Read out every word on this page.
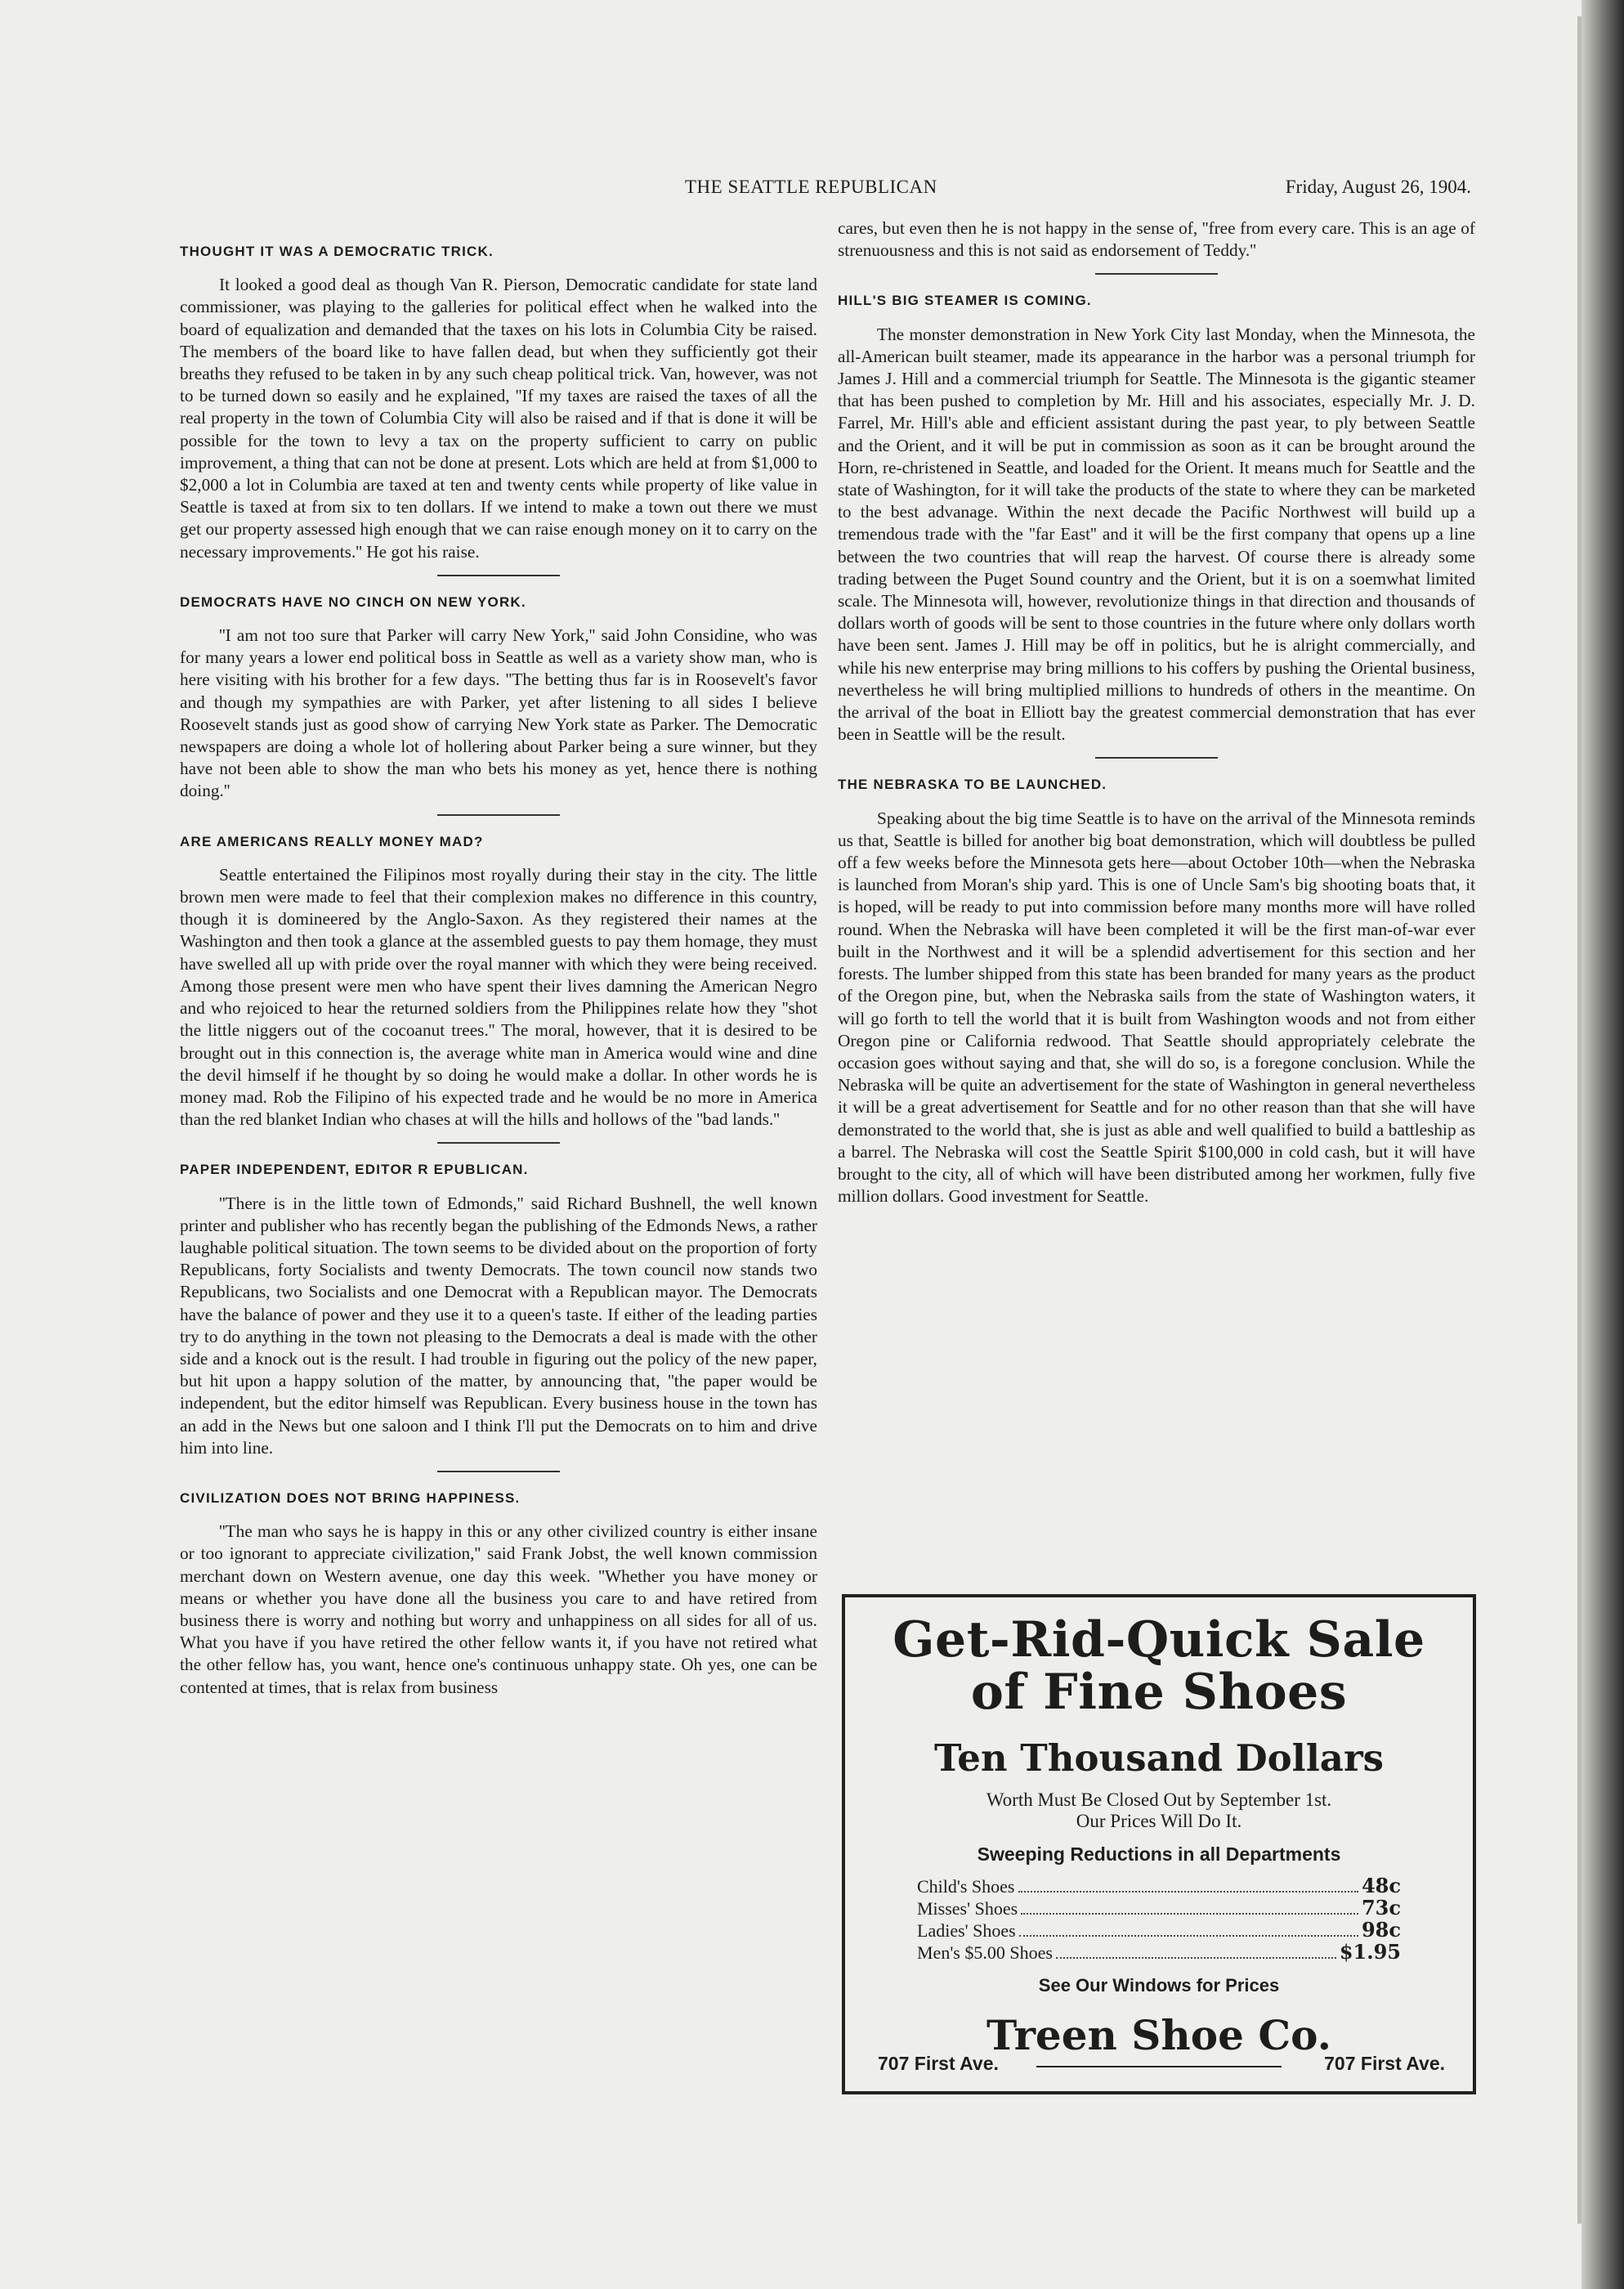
THE SEATTLE REPUBLICAN	Friday, August 26, 1904.
THOUGHT IT WAS A DEMOCRATIC TRICK.

It looked a good deal as though Van R. Pierson, Democratic candidate for state land commissioner, was playing to the galleries for political effect when he walked into the board of equalization and demanded that the taxes on his lots in Columbia City be raised. The members of the board like to have fallen dead, but when they sufficiently got their breaths they refused to be taken in by any such cheap political trick. Van, however, was not to be turned down so easily and he explained, ''If my taxes are raised the taxes of all the real property in the town of Columbia City will also be raised and if that is done it will be possible for the town to levy a tax on the property sufficient to carry on public improvement, a thing that can not be done at present. Lots which are held at from $1,000 to $2,000 a lot in Columbia are taxed at ten and twenty cents while property of like value in Seattle is taxed at from six to ten dollars. If we intend to make a town out there we must get our property assessed high enough that we can raise enough money on it to carry on the necessary improvements.'' He got his raise.

DEMOCRATS HAVE NO CINCH ON NEW YORK.

''I am not too sure that Parker will carry New York,'' said John Considine, who was for many years a lower end political boss in Seattle as well as a variety show man, who is here visiting with his brother for a few days. ''The betting thus far is in Roosevelt's favor and though my sympathies are with Parker, yet after listening to all sides I believe Roosevelt stands just as good show of carrying New York state as Parker. The Democratic newspapers are doing a whole lot of hollering about Parker being a sure winner, but they have not been able to show the man who bets his money as yet, hence there is nothing doing.''

ARE AMERICANS REALLY MONEY MAD?

Seattle entertained the Filipinos most royally during their stay in the city. The little brown men were made to feel that their complexion makes no difference in this country, though it is domineered by the Anglo-Saxon. As they registered their names at the Washington and then took a glance at the assembled guests to pay them homage, they must have swelled all up with pride over the royal manner with which they were being received. Among those present were men who have spent their lives damning the American Negro and who rejoiced to hear the returned soldiers from the Philippines relate how they ''shot the little niggers out of the cocoanut trees.'' The moral, however, that it is desired to be brought out in this connection is, the average white man in America would wine and dine the devil himself if he thought by so doing he would make a dollar. In other words he is money mad. Rob the Filipino of his expected trade and he would be no more in America than the red blanket Indian who chases at will the hills and hollows of the ''bad lands.''

PAPER INDEPENDENT, EDITOR R EPUBLICAN.

''There is in the little town of Edmonds,'' said Richard Bushnell, the well known printer and publisher who has recently began the publishing of the Edmonds News, a rather laughable political situation. The town seems to be divided about on the proportion of forty Republicans, forty Socialists and twenty Democrats. The town council now stands two Republicans, two Socialists and one Democrat with a Republican mayor. The Democrats have the balance of power and they use it to a queen's taste. If either of the leading parties try to do anything in the town not pleasing to the Democrats a deal is made with the other side and a knock out is the result. I had trouble in figuring out the policy of the new paper, but hit upon a happy solution of the matter, by announcing that, ''the paper would be independent, but the editor himself was Republican. Every business house in the town has an add in the News but one saloon and I think I'll put the Democrats on to him and drive him into line.

CIVILIZATION DOES NOT BRING HAPPINESS.

''The man who says he is happy in this or any other civilized country is either insane or too ignorant to appreciate civilization,'' said Frank Jobst, the well known commission merchant down on Western avenue, one day this week. ''Whether you have money or means or whether you have done all the business you care to and have retired from business there is worry and nothing but worry and unhappiness on all sides for all of us. What you have if you have retired the other fellow wants it, if you have not retired what the other fellow has, you want, hence one's continuous unhappy state. Oh yes, one can be contented at times, that is relax from business

cares, but even then he is not happy in the sense of, ''free from every care. This is an age of strenuousness and this is not said as endorsement of Teddy.''

HILL'S BIG STEAMER IS COMING.

The monster demonstration in New York City last Monday, when the Minnesota, the all-American built steamer, made its appearance in the harbor was a personal triumph for James J. Hill and a commercial triumph for Seattle. The Minnesota is the gigantic steamer that has been pushed to completion by Mr. Hill and his associates, especially Mr. J. D. Farrel, Mr. Hill's able and efficient assistant during the past year, to ply between Seattle and the Orient, and it will be put in commission as soon as it can be brought around the Horn, re-christened in Seattle, and loaded for the Orient. It means much for Seattle and the state of Washington, for it will take the products of the state to where they can be marketed to the best advanage. Within the next decade the Pacific Northwest will build up a tremendous trade with the ''far East'' and it will be the first company that opens up a line between the two countries that will reap the harvest. Of course there is already some trading between the Puget Sound country and the Orient, but it is on a soemwhat limited scale. The Minnesota will, however, revolutionize things in that direction and thousands of dollars worth of goods will be sent to those countries in the future where only dollars worth have been sent. James J. Hill may be off in politics, but he is alright commercially, and while his new enterprise may bring millions to his coffers by pushing the Oriental business, nevertheless he will bring multiplied millions to hundreds of others in the meantime. On the arrival of the boat in Elliott bay the greatest commercial demonstration that has ever been in Seattle will be the result.

THE NEBRASKA TO BE LAUNCHED.

Speaking about the big time Seattle is to have on the arrival of the Minnesota reminds us that, Seattle is billed for another big boat demonstration, which will doubtless be pulled off a few weeks before the Minnesota gets here—about October 10th—when the Nebraska is launched from Moran's ship yard. This is one of Uncle Sam's big shooting boats that, it is hoped, will be ready to put into commission before many months more will have rolled round. When the Nebraska will have been completed it will be the first man-of-war ever built in the Northwest and it will be a splendid advertisement for this section and her forests. The lumber shipped from this state has been branded for many years as the product of the Oregon pine, but, when the Nebraska sails from the state of Washington waters, it will go forth to tell the world that it is built from Washington woods and not from either Oregon pine or California redwood. That Seattle should appropriately celebrate the occasion goes without saying and that, she will do so, is a foregone conclusion. While the Nebraska will be quite an advertisement for the state of Washington in general nevertheless it will be a great advertisement for Seattle and for no other reason than that she will have demonstrated to the world that, she is just as able and well qualified to build a battleship as a barrel. The Nebraska will cost the Seattle Spirit $100,000 in cold cash, but it will have brought to the city, all of which will have been distributed among her workmen, fully five million dollars. Good investment for Seattle.

Get-Rid-Quick Sale
of Fine Shoes
Ten Thousand Dollars
Worth Must Be Closed Out by September 1st.
Our Prices Will Do It.
Sweeping Reductions in all Departments
Child's Shoes	48c
Misses' Shoes	73c
Ladies' Shoes	98c
Men's $5.00 Shoes	$1.95
See Our Windows for Prices
Treen Shoe Co.
707 First Ave.	707 First Ave.
